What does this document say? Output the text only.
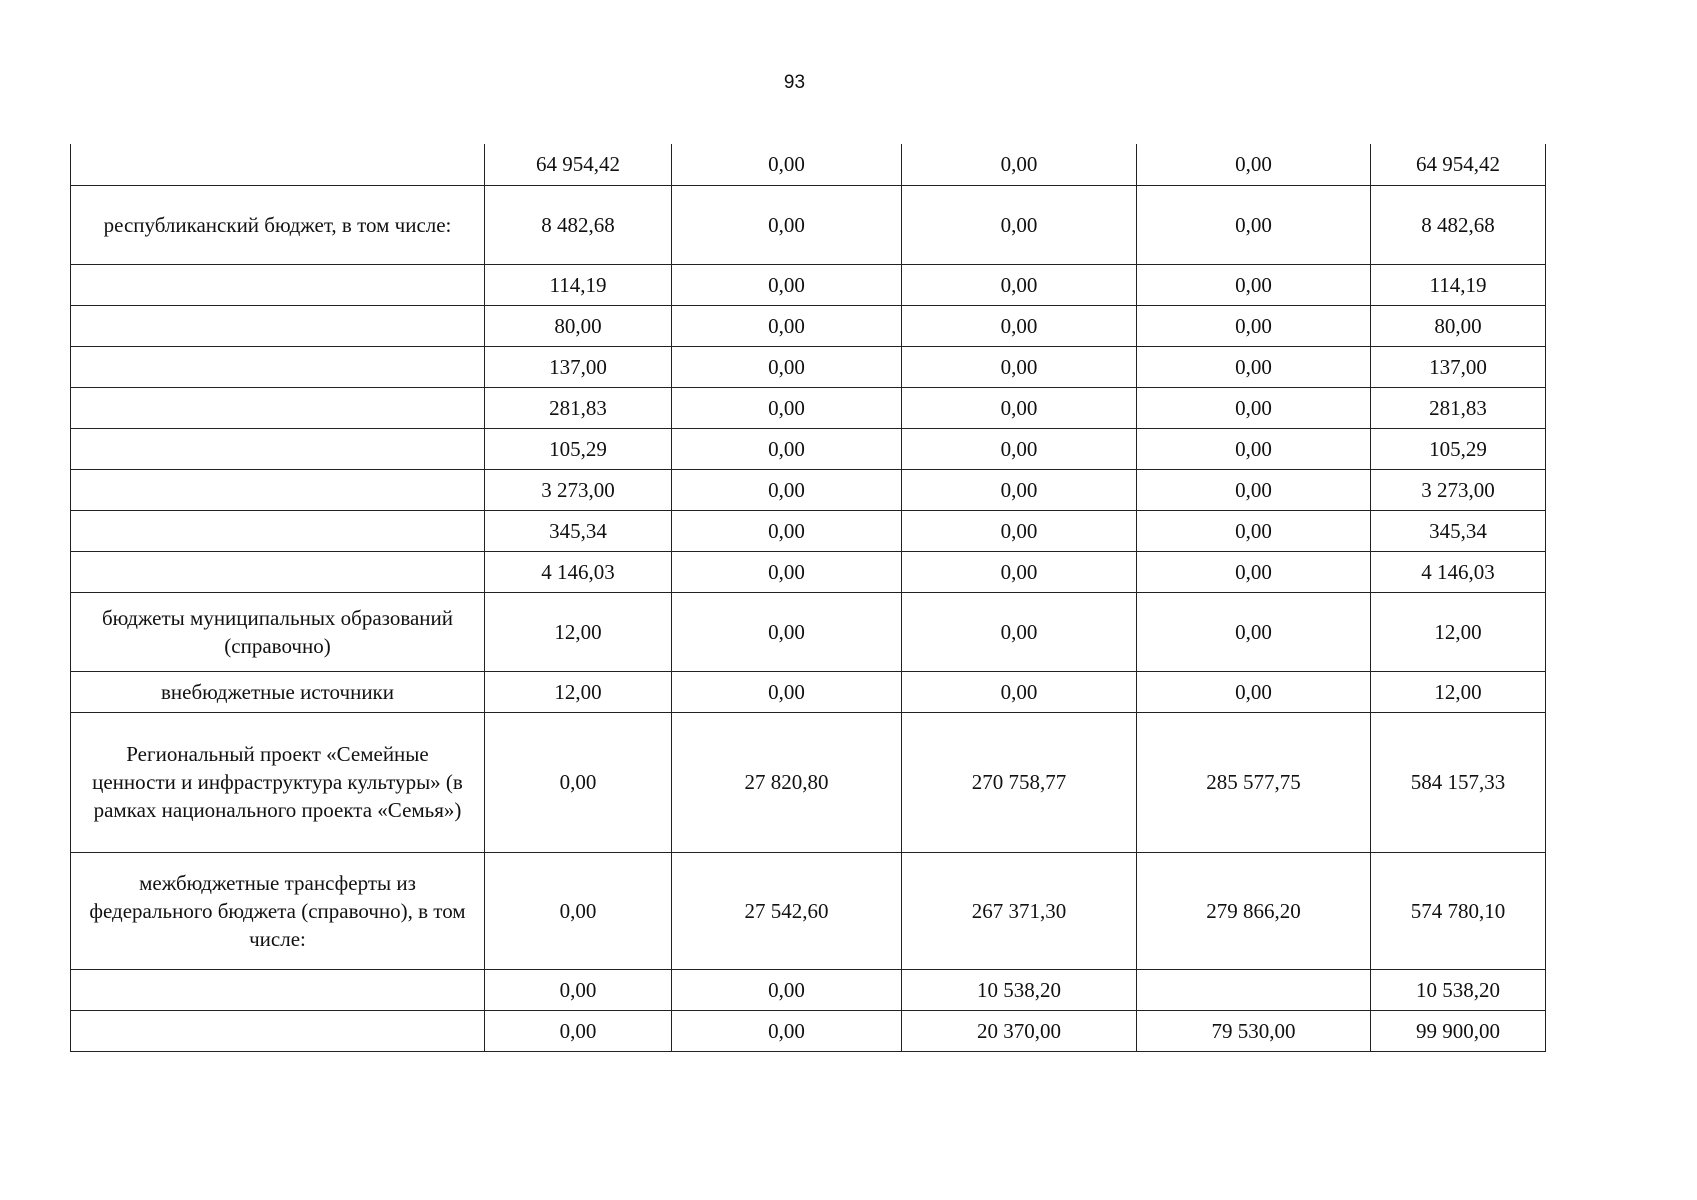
93
	64 954,42	0,00	0,00	0,00	64 954,42
республиканский бюджет, в том числе:	8 482,68	0,00	0,00	0,00	8 482,68
	114,19	0,00	0,00	0,00	114,19
	80,00	0,00	0,00	0,00	80,00
	137,00	0,00	0,00	0,00	137,00
	281,83	0,00	0,00	0,00	281,83
	105,29	0,00	0,00	0,00	105,29
	3 273,00	0,00	0,00	0,00	3 273,00
	345,34	0,00	0,00	0,00	345,34
	4 146,03	0,00	0,00	0,00	4 146,03
бюджеты муниципальных образований (справочно)	12,00	0,00	0,00	0,00	12,00
внебюджетные источники	12,00	0,00	0,00	0,00	12,00
Региональный проект «Семейные ценности и инфраструктура культуры» (в рамках национального проекта «Семья»)	0,00	27 820,80	270 758,77	285 577,75	584 157,33
межбюджетные трансферты из федерального бюджета (справочно), в том числе:	0,00	27 542,60	267 371,30	279 866,20	574 780,10
	0,00	0,00	10 538,20		10 538,20
	0,00	0,00	20 370,00	79 530,00	99 900,00
